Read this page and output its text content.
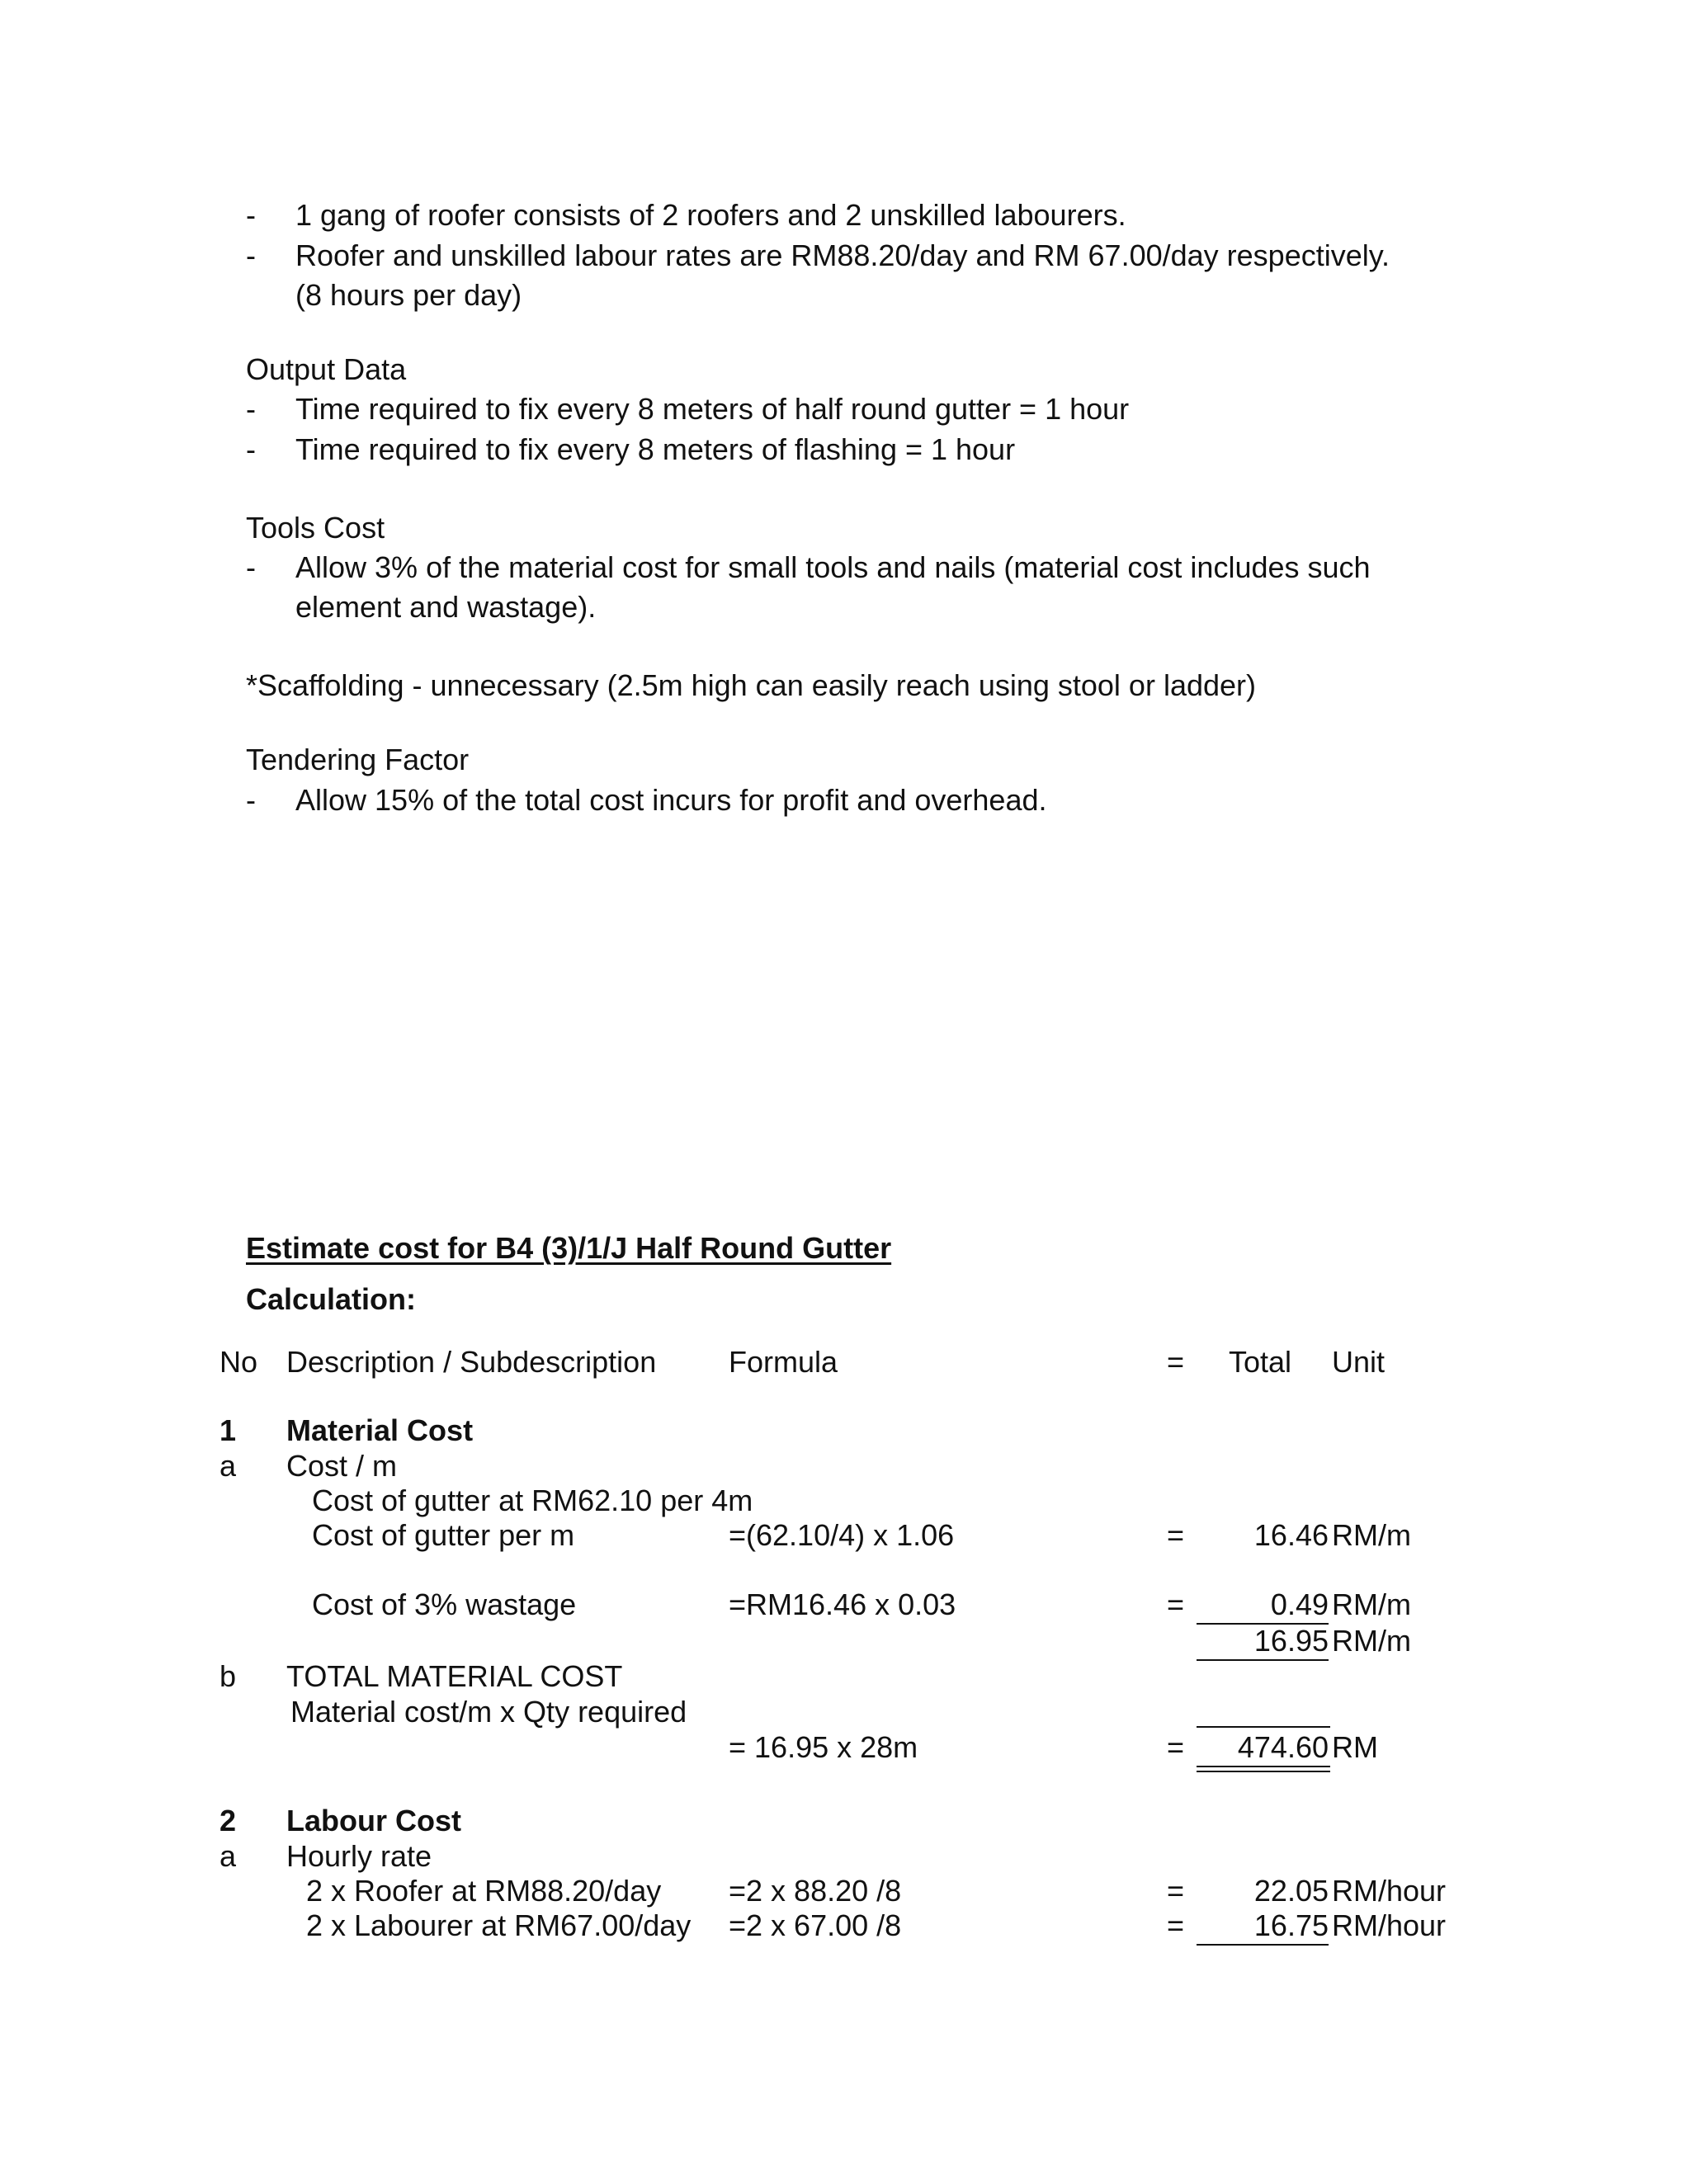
- 1 gang of roofer consists of 2 roofers and 2 unskilled labourers.
- Roofer and unskilled labour rates are RM88.20/day and RM 67.00/day respectively.
(8 hours per day)
Output Data
- Time required to fix every 8 meters of half round gutter = 1 hour
- Time required to fix every 8 meters of flashing = 1 hour
Tools Cost
- Allow 3% of the material cost for small tools and nails (material cost includes such
element and wastage).
*Scaffolding - unnecessary (2.5m high can easily reach using stool or ladder)
Tendering Factor
- Allow 15% of the total cost incurs for profit and overhead.
Estimate cost for B4 (3)/1/J Half Round Gutter
Calculation:
No Description / Subdescription Formula	= Total Unit
1 Material Cost
a Cost / m
Cost of gutter at RM62.10 per 4m
Cost of gutter per m	=(62.10/4) x 1.06	=	16.46 RM/m
Cost of 3% wastage	=RM16.46 x 0.03	=	0.49 RM/m
16.95 RM/m
b TOTAL MATERIAL COST
Material cost/m x Qty required
= 16.95 x 28m	=	474.60 RM
2 Labour Cost
a Hourly rate
2 x Roofer at RM88.20/day =2 x 88.20 /8	=	22.05 RM/hour
2 x Labourer at RM67.00/day =2 x 67.00 /8	=	16.75 RM/hour
